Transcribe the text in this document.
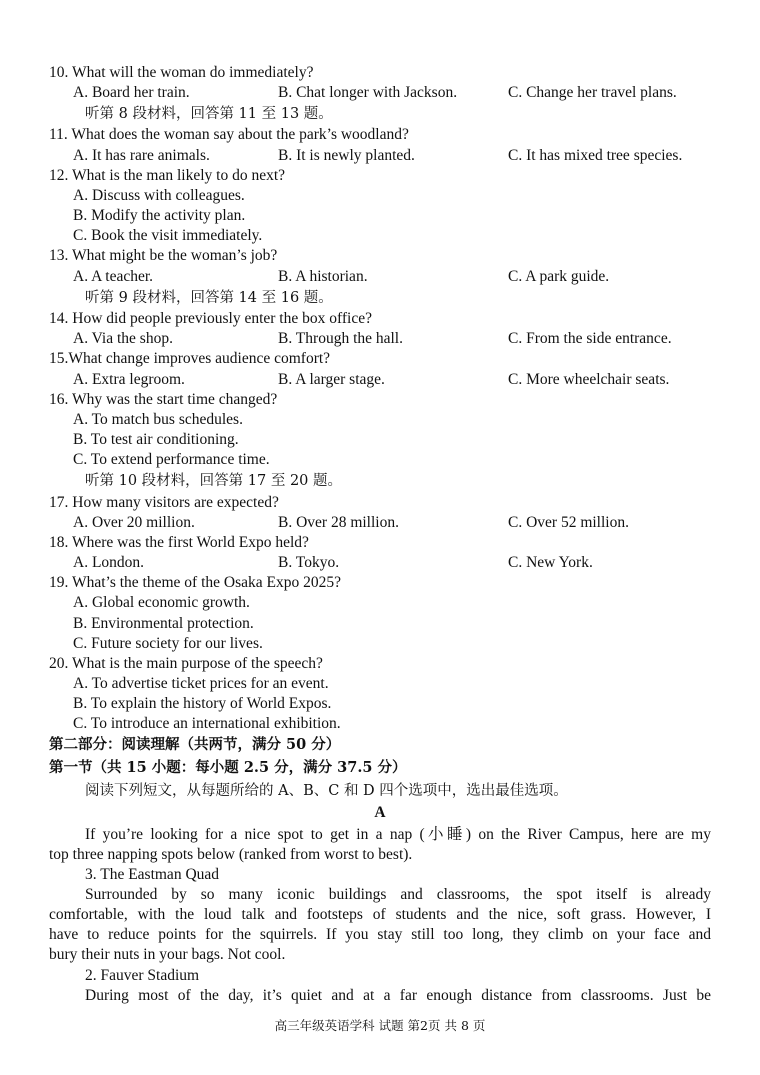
10. What will the woman do immediately?
A. Board her train.	B. Chat longer with Jackson.	C. Change her travel plans.
听第 8 段材料，回答第 11 至 13 题。
11. What does the woman say about the park’s woodland?
A. It has rare animals.	B. It is newly planted.	C. It has mixed tree species.
12. What is the man likely to do next?
A. Discuss with colleagues.
B. Modify the activity plan.
C. Book the visit immediately.
13. What might be the woman’s job?
A. A teacher.	B. A historian.	C. A park guide.
听第 9 段材料，回答第 14 至 16 题。
14. How did people previously enter the box office?
A. Via the shop.	B. Through the hall.	C. From the side entrance.
15.What change improves audience comfort?
A. Extra legroom.	B. A larger stage.	C. More wheelchair seats.
16. Why was the start time changed?
A. To match bus schedules.
B. To test air conditioning.
C. To extend performance time.
听第 10 段材料，回答第 17 至 20 题。
17. How many visitors are expected?
A. Over 20 million.	B. Over 28 million.	C. Over 52 million.
18. Where was the first World Expo held?
A. London.	B. Tokyo.	C. New York.
19. What’s the theme of the Osaka Expo 2025?
A. Global economic growth.
B. Environmental protection.
C. Future society for our lives.
20. What is the main purpose of the speech?
A. To advertise ticket prices for an event.
B. To explain the history of World Expos.
C. To introduce an international exhibition.
第二部分：阅读理解（共两节，满分 50 分）
第一节（共 15 小题：每小题 2.5 分，满分 37.5 分）
阅读下列短文，从每题所给的 A、B、C 和 D 四个选项中，选出最佳选项。
A
If you’re looking for a nice spot to get in a nap (小睡) on the River Campus, here are my
top three napping spots below (ranked from worst to best).
3. The Eastman Quad
Surrounded by so many iconic buildings and classrooms, the spot itself is already
comfortable, with the loud talk and footsteps of students and the nice, soft grass. However, I
have to reduce points for the squirrels. If you stay still too long, they climb on your face and
bury their nuts in your bags. Not cool.
2. Fauver Stadium
During most of the day, it’s quiet and at a far enough distance from classrooms. Just be
高三年级英语学科 试题 第2页 共 8 页
